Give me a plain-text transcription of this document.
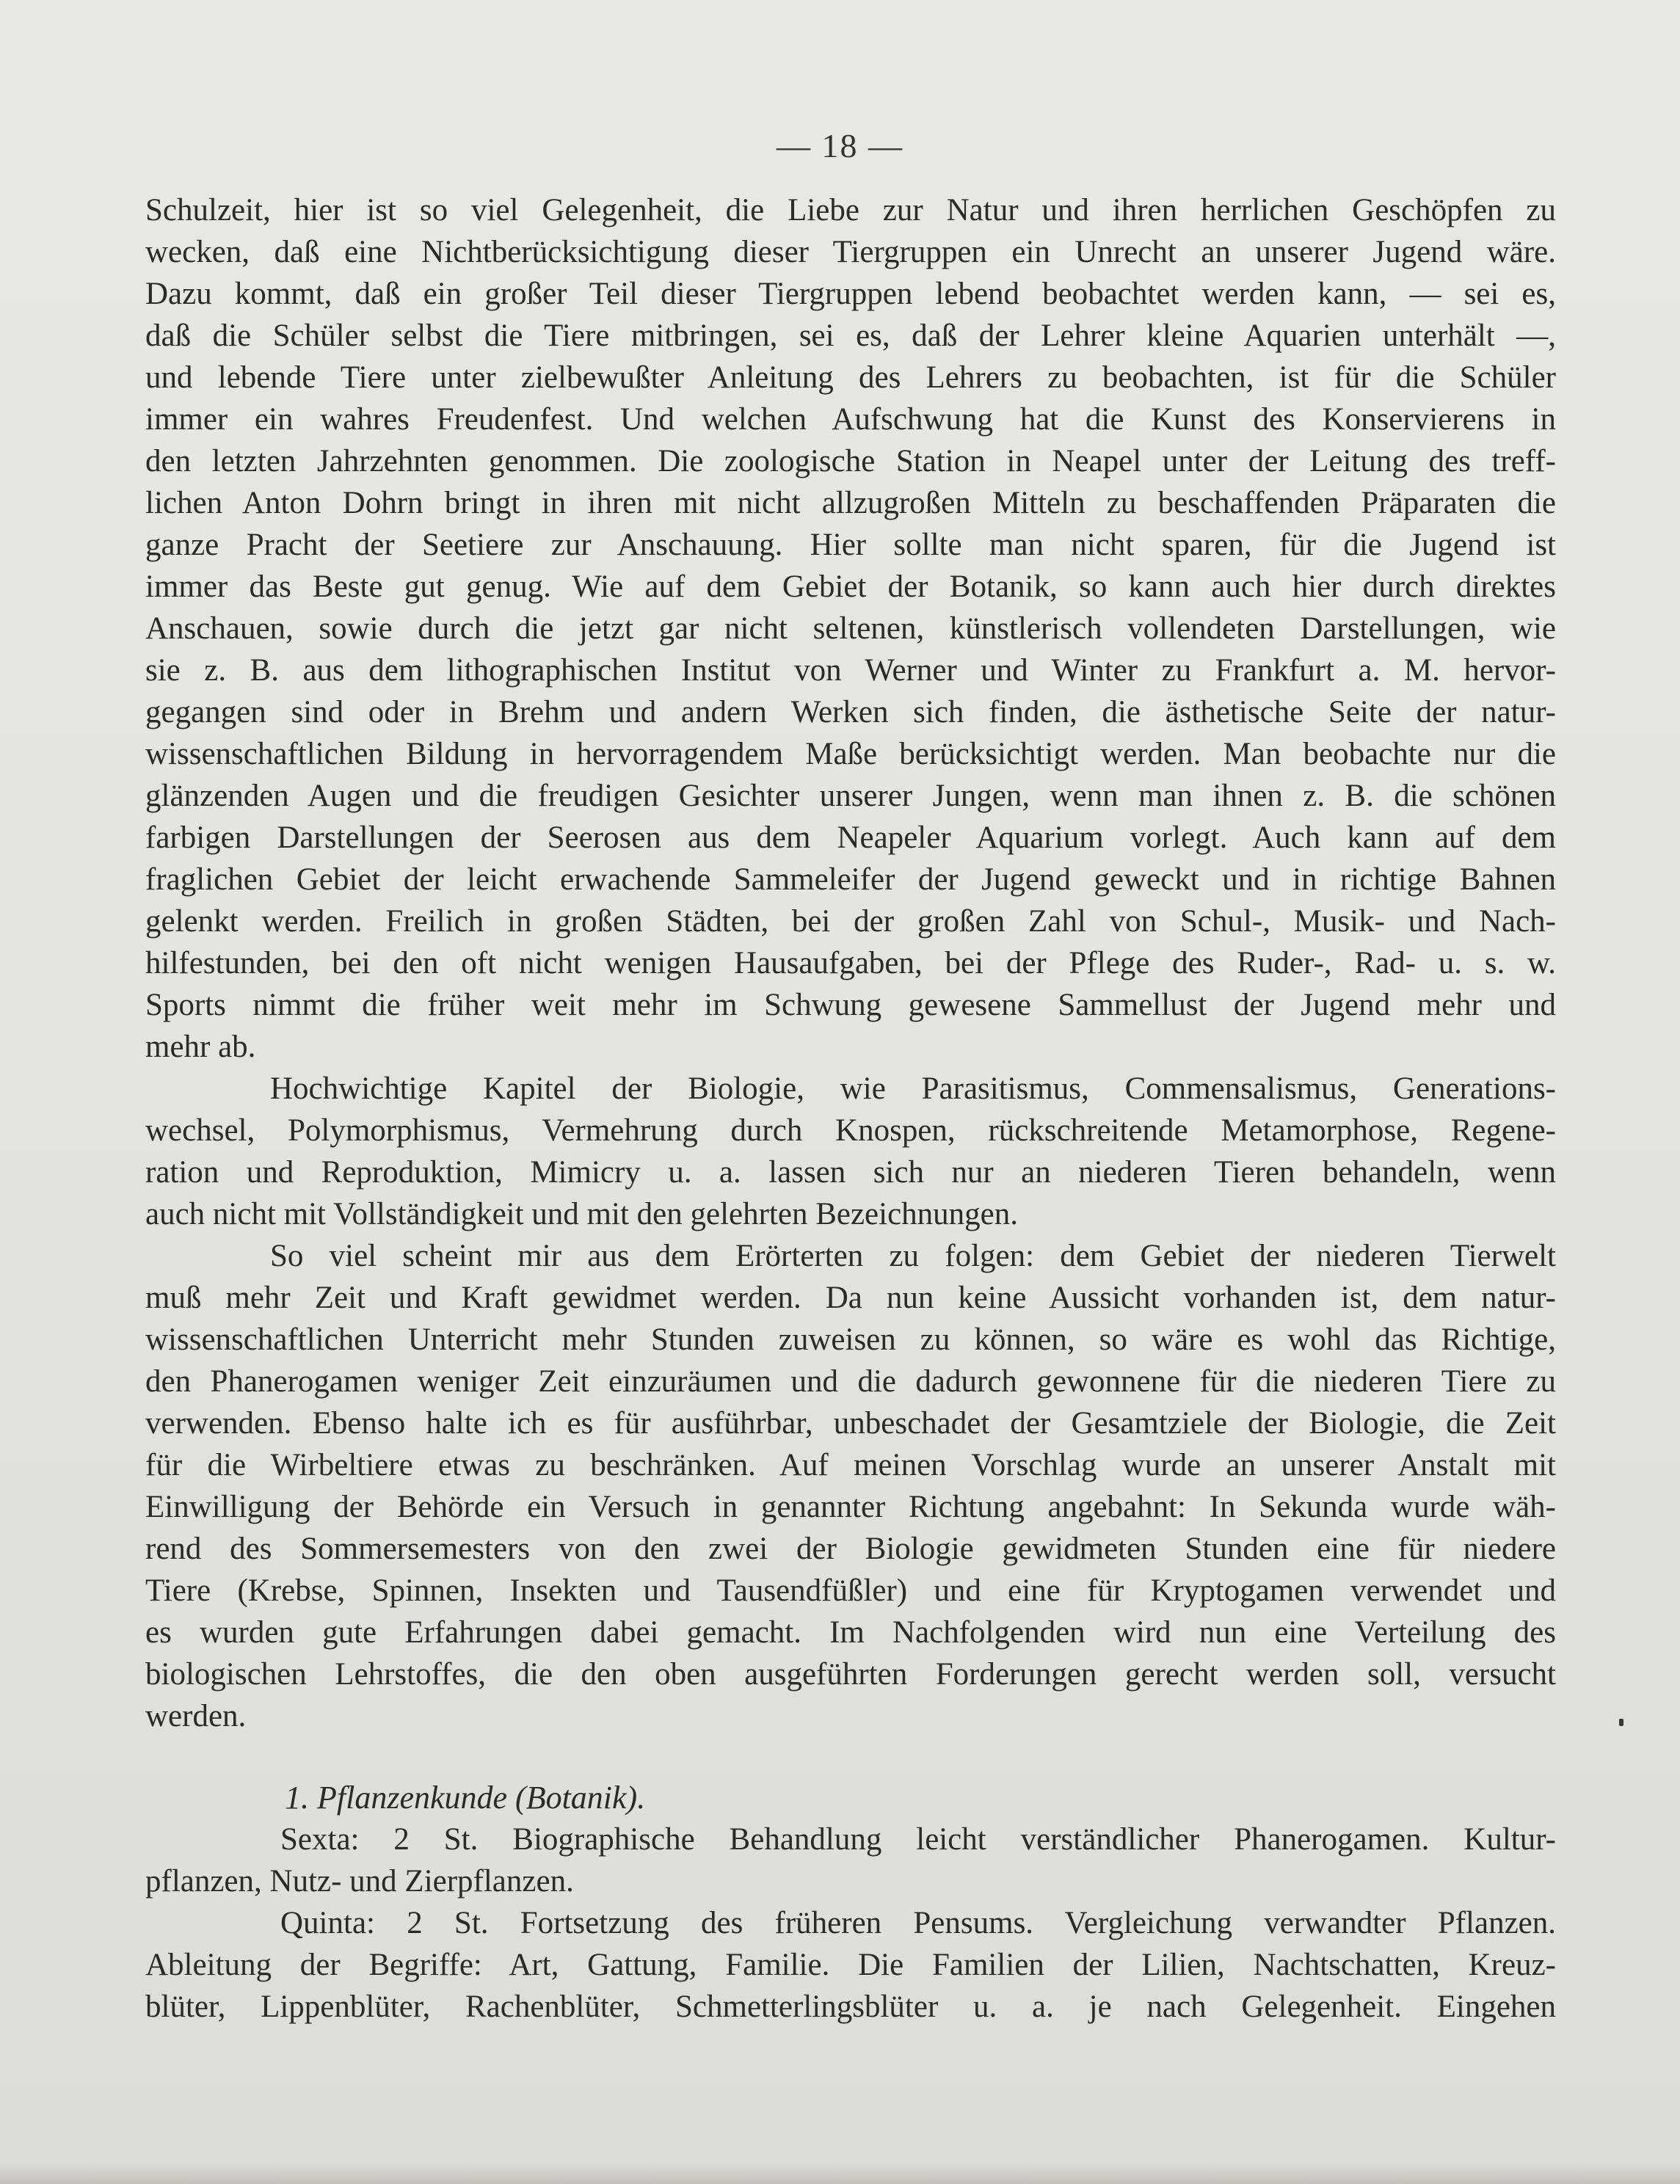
— 18 —
Schulzeit, hier ist so viel Gelegenheit, die Liebe zur Natur und ihren herrlichen Geschöpfen zu
wecken, daß eine Nichtberücksichtigung dieser Tiergruppen ein Unrecht an unserer Jugend wäre.
Dazu kommt, daß ein großer Teil dieser Tiergruppen lebend beobachtet werden kann, — sei es,
daß die Schüler selbst die Tiere mitbringen, sei es, daß der Lehrer kleine Aquarien unterhält —,
und lebende Tiere unter zielbewußter Anleitung des Lehrers zu beobachten, ist für die Schüler
immer ein wahres Freudenfest. Und welchen Aufschwung hat die Kunst des Konservierens in
den letzten Jahrzehnten genommen. Die zoologische Station in Neapel unter der Leitung des treff-
lichen Anton Dohrn bringt in ihren mit nicht allzugroßen Mitteln zu beschaffenden Präparaten die
ganze Pracht der Seetiere zur Anschauung. Hier sollte man nicht sparen, für die Jugend ist
immer das Beste gut genug. Wie auf dem Gebiet der Botanik, so kann auch hier durch direktes
Anschauen, sowie durch die jetzt gar nicht seltenen, künstlerisch vollendeten Darstellungen, wie
sie z. B. aus dem lithographischen Institut von Werner und Winter zu Frankfurt a. M. hervor-
gegangen sind oder in Brehm und andern Werken sich finden, die ästhetische Seite der natur-
wissenschaftlichen Bildung in hervorragendem Maße berücksichtigt werden. Man beobachte nur die
glänzenden Augen und die freudigen Gesichter unserer Jungen, wenn man ihnen z. B. die schönen
farbigen Darstellungen der Seerosen aus dem Neapeler Aquarium vorlegt. Auch kann auf dem
fraglichen Gebiet der leicht erwachende Sammeleifer der Jugend geweckt und in richtige Bahnen
gelenkt werden. Freilich in großen Städten, bei der großen Zahl von Schul-, Musik- und Nach-
hilfestunden, bei den oft nicht wenigen Hausaufgaben, bei der Pflege des Ruder-, Rad- u. s. w.
Sports nimmt die früher weit mehr im Schwung gewesene Sammellust der Jugend mehr und
mehr ab.
Hochwichtige Kapitel der Biologie, wie Parasitismus, Commensalismus, Generations-
wechsel, Polymorphismus, Vermehrung durch Knospen, rückschreitende Metamorphose, Regene-
ration und Reproduktion, Mimicry u. a. lassen sich nur an niederen Tieren behandeln, wenn
auch nicht mit Vollständigkeit und mit den gelehrten Bezeichnungen.
So viel scheint mir aus dem Erörterten zu folgen: dem Gebiet der niederen Tierwelt
muß mehr Zeit und Kraft gewidmet werden. Da nun keine Aussicht vorhanden ist, dem natur-
wissenschaftlichen Unterricht mehr Stunden zuweisen zu können, so wäre es wohl das Richtige,
den Phanerogamen weniger Zeit einzuräumen und die dadurch gewonnene für die niederen Tiere zu
verwenden. Ebenso halte ich es für ausführbar, unbeschadet der Gesamtziele der Biologie, die Zeit
für die Wirbeltiere etwas zu beschränken. Auf meinen Vorschlag wurde an unserer Anstalt mit
Einwilligung der Behörde ein Versuch in genannter Richtung angebahnt: In Sekunda wurde wäh-
rend des Sommersemesters von den zwei der Biologie gewidmeten Stunden eine für niedere
Tiere (Krebse, Spinnen, Insekten und Tausendfüßler) und eine für Kryptogamen verwendet und
es wurden gute Erfahrungen dabei gemacht. Im Nachfolgenden wird nun eine Verteilung des
biologischen Lehrstoffes, die den oben ausgeführten Forderungen gerecht werden soll, versucht
werden.
1. Pflanzenkunde (Botanik).
Sexta: 2 St. Biographische Behandlung leicht verständlicher Phanerogamen. Kultur-
pflanzen, Nutz- und Zierpflanzen.
Quinta: 2 St. Fortsetzung des früheren Pensums. Vergleichung verwandter Pflanzen.
Ableitung der Begriffe: Art, Gattung, Familie. Die Familien der Lilien, Nachtschatten, Kreuz-
blüter, Lippenblüter, Rachenblüter, Schmetterlingsblüter u. a. je nach Gelegenheit. Eingehen
